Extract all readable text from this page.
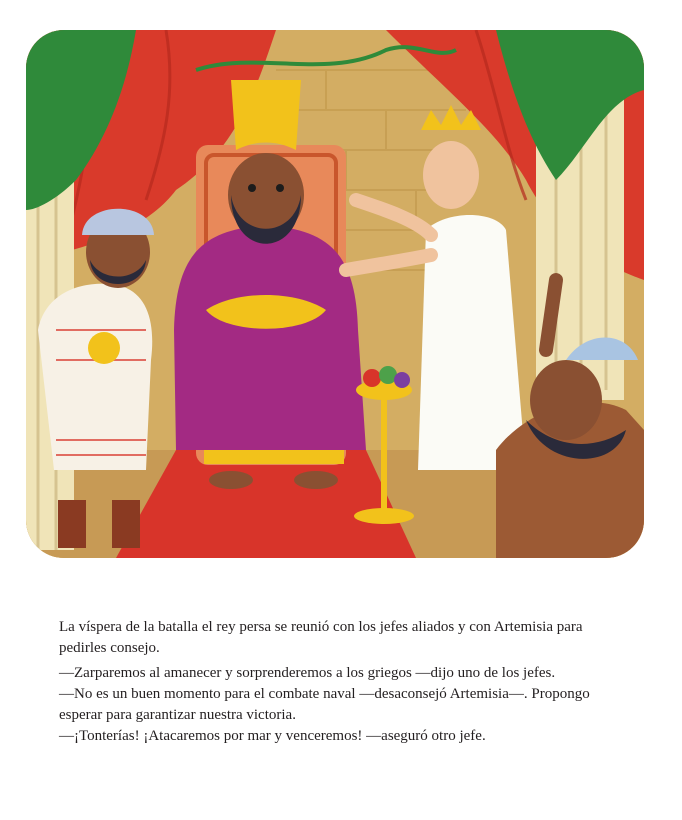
La víspera de la batalla el rey persa se reunió con los jefes aliados y con Artemisia para pedirles consejo.

—Zarparemos al amanecer y sorprenderemos a los griegos —dijo uno de los jefes.

—No es un buen momento para el combate naval —desaconsejó Artemisia—. Propongo esperar para garantizar nuestra victoria.

—¡Tonterías! ¡Atacaremos por mar y venceremos! —aseguró otro jefe.
